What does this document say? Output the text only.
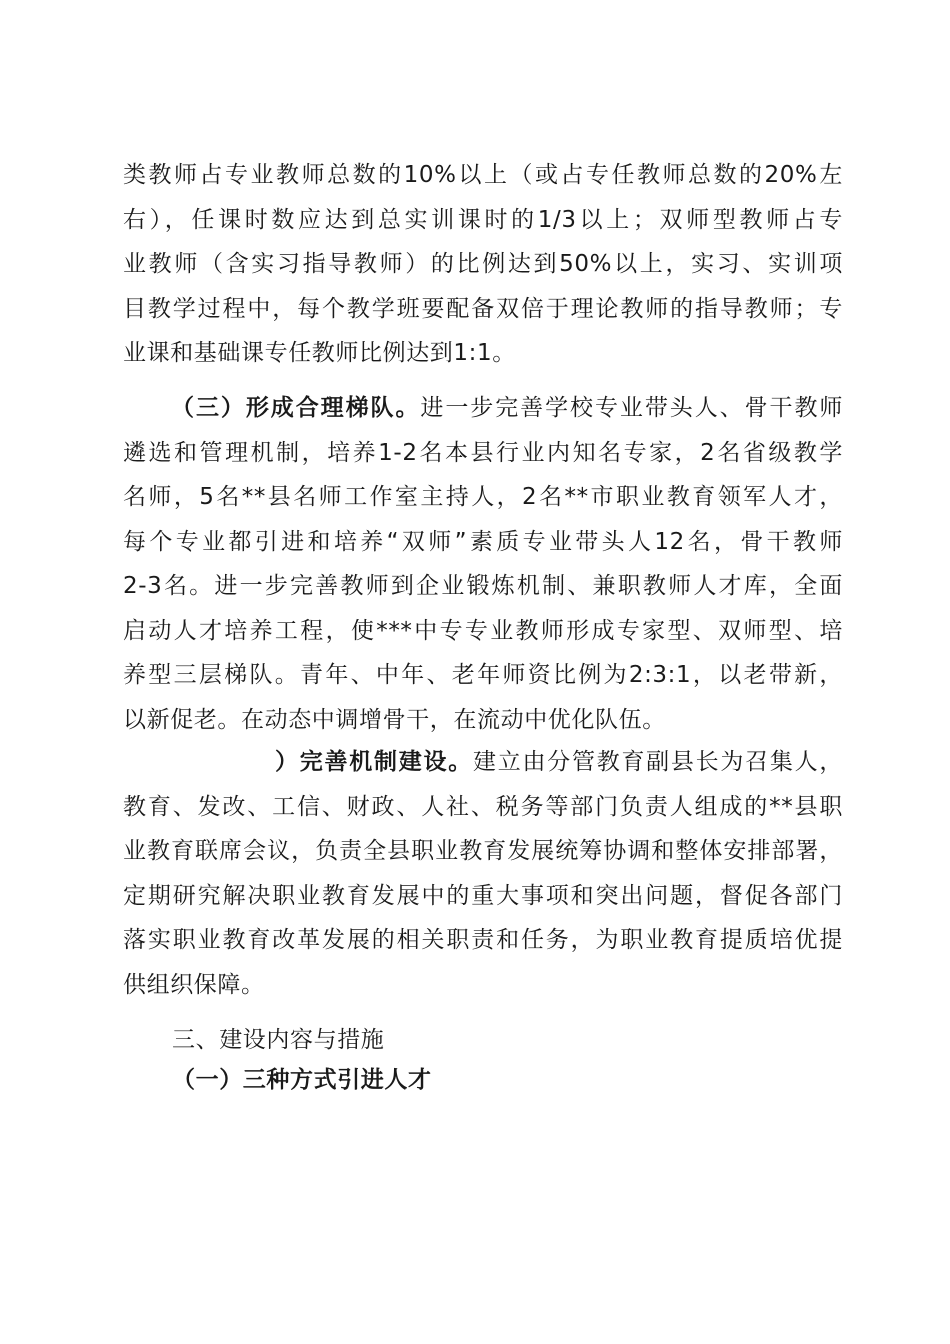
类教师占专业教师总数的10%以上（或占专任教师总数的20%左
右），任课时数应达到总实训课时的1/3以上；双师型教师占专
业教师（含实习指导教师）的比例达到50%以上，实习、实训项
目教学过程中，每个教学班要配备双倍于理论教师的指导教师；专
业课和基础课专任教师比例达到1:1。
（三）形成合理梯队。进一步完善学校专业带头人、骨干教师
遴选和管理机制，培养1-2名本县行业内知名专家，2名省级教学
名师，5名**县名师工作室主持人，2名**市职业教育领军人才，
每个专业都引进和培养“双师”素质专业带头人12名，骨干教师
2-3名。进一步完善教师到企业锻炼机制、兼职教师人才库，全面
启动人才培养工程，使***中专专业教师形成专家型、双师型、培
养型三层梯队。青年、中年、老年师资比例为2:3:1，以老带新，
以新促老。在动态中调增骨干，在流动中优化队伍。
）完善机制建设。建立由分管教育副县长为召集人，
教育、发改、工信、财政、人社、税务等部门负责人组成的**县职
业教育联席会议，负责全县职业教育发展统筹协调和整体安排部署，
定期研究解决职业教育发展中的重大事项和突出问题，督促各部门
落实职业教育改革发展的相关职责和任务，为职业教育提质培优提
供组织保障。
三、建设内容与措施
（一）三种方式引进人才
